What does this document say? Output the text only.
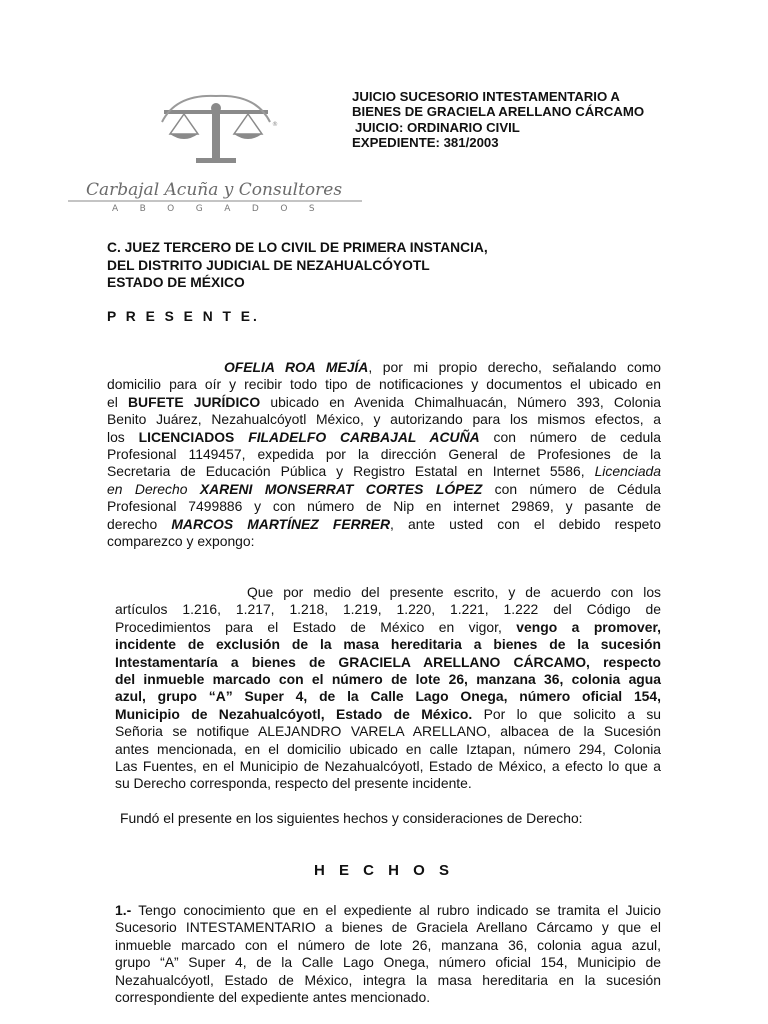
®
Carbajal Acuña y Consultores
ABOGADOS
JUICIO SUCESORIO INTESTAMENTARIO A
BIENES DE GRACIELA ARELLANO CÁRCAMO
JUICIO: ORDINARIO CIVIL
EXPEDIENTE: 381/2003
C. JUEZ TERCERO DE LO CIVIL DE PRIMERA INSTANCIA,
DEL DISTRITO JUDICIAL DE NEZAHUALCÓYOTL
ESTADO DE MÉXICO
P R E S E N T E.
OFELIA ROA MEJÍA, por mi propio derecho, señalando como
domicilio para oír y recibir todo tipo de notificaciones y documentos el ubicado en
el BUFETE JURÍDICO ubicado en Avenida Chimalhuacán, Número 393, Colonia
Benito Juárez, Nezahualcóyotl México, y autorizando para los mismos efectos, a
los LICENCIADOS FILADELFO CARBAJAL ACUÑA con número de cedula
Profesional 1149457, expedida por la dirección General de Profesiones de la
Secretaria de Educación Pública y Registro Estatal en Internet 5586, Licenciada
en Derecho XARENI MONSERRAT CORTES LÓPEZ con número de Cédula
Profesional 7499886 y con número de Nip en internet 29869, y pasante de
derecho MARCOS MARTÍNEZ FERRER, ante usted con el debido respeto
comparezco y expongo:
Que por medio del presente escrito, y de acuerdo con los
artículos 1.216, 1.217, 1.218, 1.219, 1.220, 1.221, 1.222 del Código de
Procedimientos para el Estado de México en vigor, vengo a promover,
incidente de exclusión de la masa hereditaria a bienes de la sucesión
Intestamentaría a bienes de GRACIELA ARELLANO CÁRCAMO, respecto
del inmueble marcado con el número de lote 26, manzana 36, colonia agua
azul, grupo “A” Super 4, de la Calle Lago Onega, número oficial 154,
Municipio de Nezahualcóyotl, Estado de México. Por lo que solicito a su
Señoria se notifique ALEJANDRO VARELA ARELLANO, albacea de la Sucesión
antes mencionada, en el domicilio ubicado en calle Iztapan, número 294, Colonia
Las Fuentes, en el Municipio de Nezahualcóyotl, Estado de México, a efecto lo que a
su Derecho corresponda, respecto del presente incidente.
Fundó el presente en los siguientes hechos y consideraciones de Derecho:
H E C H O S
1.- Tengo conocimiento que en el expediente al rubro indicado se tramita el Juicio
Sucesorio INTESTAMENTARIO a bienes de Graciela Arellano Cárcamo y que el
inmueble marcado con el número de lote 26, manzana 36, colonia agua azul,
grupo “A” Super 4, de la Calle Lago Onega, número oficial 154, Municipio de
Nezahualcóyotl, Estado de México, integra la masa hereditaria en la sucesión
correspondiente del expediente antes mencionado.
